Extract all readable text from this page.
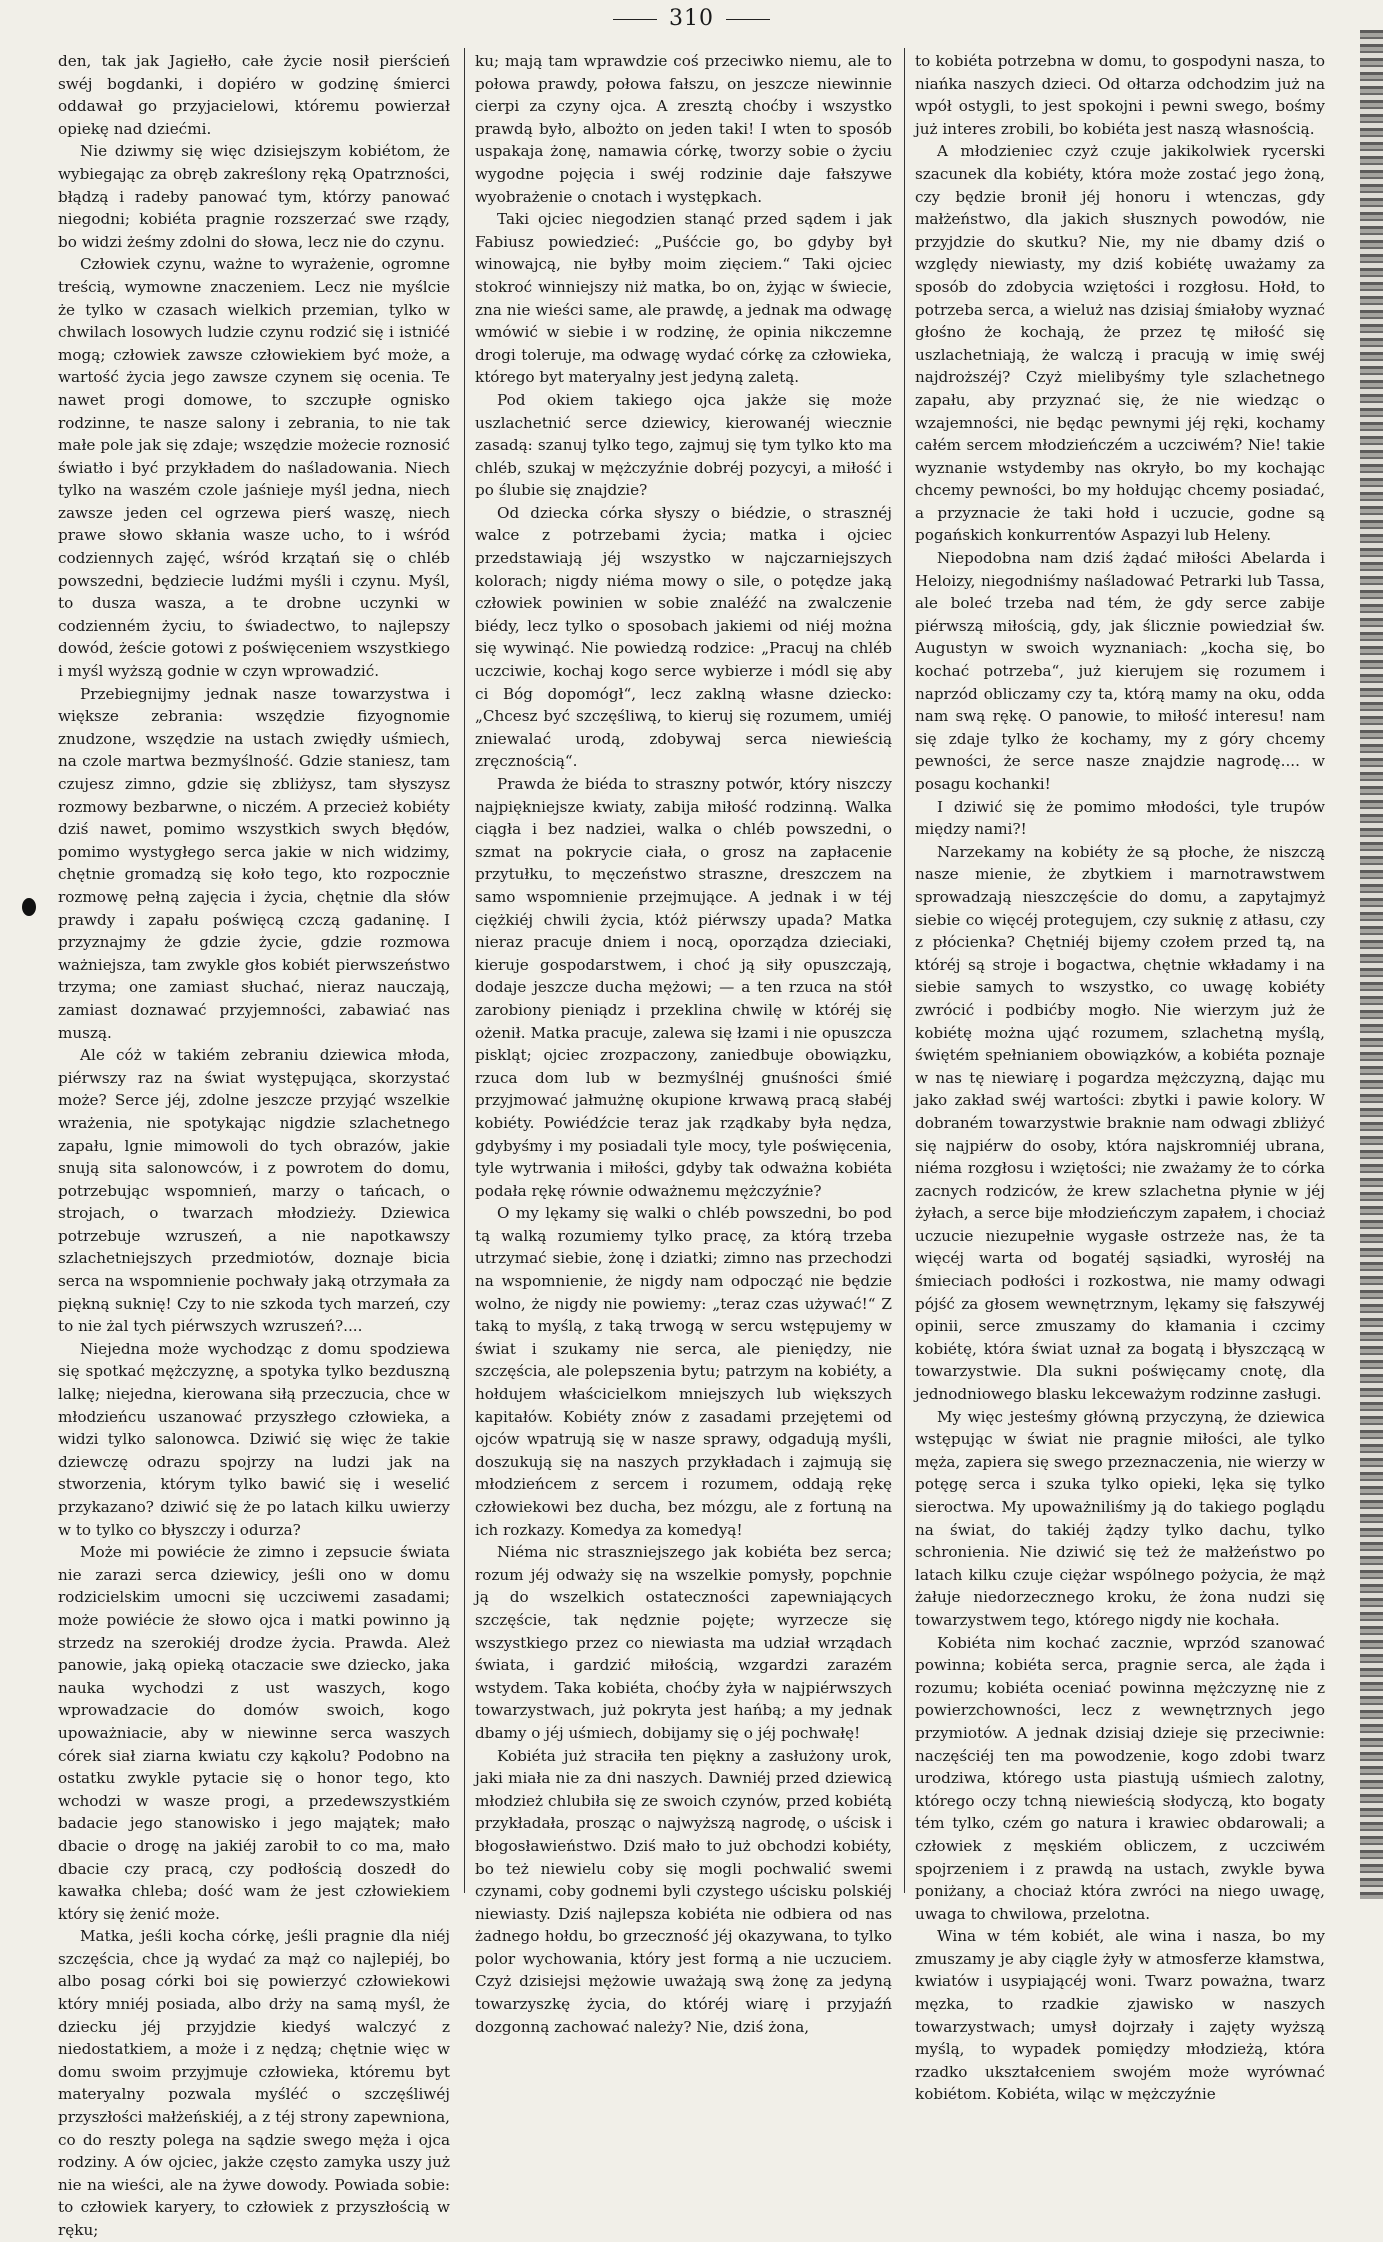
310

den, tak jak Jagiełło, całe życie nosił pierścień swéj bogdanki, i dopiéro w godzinę śmierci oddawał go przyjacielowi, któremu powierzał opiekę nad dziećmi.

Nie dziwmy się więc dzisiejszym kobiétom, że wybiegając za obręb zakreślony ręką Opatrzności, błądzą i radeby panować tym, którzy panować niegodni; kobiéta pragnie rozszerzać swe rządy, bo widzi żeśmy zdolni do słowa, lecz nie do czynu.

Człowiek czynu, ważne to wyrażenie, ogromne treścią, wymowne znaczeniem. Lecz nie myślcie że tylko w czasach wielkich przemian, tylko w chwilach losowych ludzie czynu rodzić się i istnićé mogą; człowiek zawsze człowiekiem być może, a wartość życia jego zawsze czynem się ocenia. Te nawet progi domowe, to szczupłe ognisko rodzinne, te nasze salony i zebrania, to nie tak małe pole jak się zdaje; wszędzie możecie roznosić światło i być przykładem do naśladowania. Niech tylko na waszém czole jaśnieje myśl jedna, niech zawsze jeden cel ogrzewa pierś waszę, niech prawe słowo skłania wasze ucho, to i wśród codziennych zajęć, wśród krzątań się o chléb powszedni, będziecie ludźmi myśli i czynu. Myśl, to dusza wasza, a te drobne uczynki w codzienném życiu, to świadectwo, to najlepszy dowód, żeście gotowi z poświęceniem wszystkiego i myśl wyższą godnie w czyn wprowadzić.

Przebiegnijmy jednak nasze towarzystwa i większe zebrania: wszędzie fizyognomie znudzone, wszędzie na ustach zwiędły uśmiech, na czole martwa bezmyślność. Gdzie staniesz, tam czujesz zimno, gdzie się zbliżysz, tam słyszysz rozmowy bezbarwne, o niczém. A przecież kobiéty dziś nawet, pomimo wszystkich swych błędów, pomimo wystygłego serca jakie w nich widzimy, chętnie gromadzą się koło tego, kto rozpocznie rozmowę pełną zajęcia i życia, chętnie dla słów prawdy i zapału poświęcą czczą gadaninę. I przyznajmy że gdzie życie, gdzie rozmowa ważniejsza, tam zwykle głos kobiét pierwszeństwo trzyma; one zamiast słuchać, nieraz nauczają, zamiast doznawać przyjemności, zabawiać nas muszą.

Ale cóż w takiém zebraniu dziewica młoda, piérwszy raz na świat występująca, skorzystać może? Serce jéj, zdolne jeszcze przyjąć wszelkie wrażenia, nie spotykając nigdzie szlachetnego zapału, lgnie mimowoli do tych obrazów, jakie snują sita salonowców, i z powrotem do domu, potrzebując wspomnień, marzy o tańcach, o strojach, o twarzach młodzieży. Dziewica potrzebuje wzruszeń, a nie napotkawszy szlachetniejszych przedmiotów, doznaje bicia serca na wspomnienie pochwały jaką otrzymała za piękną suknię! Czy to nie szkoda tych marzeń, czy to nie żal tych piérwszych wzruszeń?....

Niejedna może wychodząc z domu spodziewa się spotkać mężczyznę, a spotyka tylko bezduszną lalkę; niejedna, kierowana siłą przeczucia, chce w młodzieńcu uszanować przyszłego człowieka, a widzi tylko salonowca. Dziwić się więc że takie dziewczę odrazu spojrzy na ludzi jak na stworzenia, którym tylko bawić się i weselić przykazano? dziwić się że po latach kilku uwierzy w to tylko co błyszczy i odurza?

Może mi powiécie że zimno i zepsucie świata nie zarazi serca dziewicy, jeśli ono w domu rodzicielskim umocni się uczciwemi zasadami; może powiécie że słowo ojca i matki powinno ją strzedz na szerokiéj drodze życia. Prawda. Ależ panowie, jaką opieką otaczacie swe dziecko, jaka nauka wychodzi z ust waszych, kogo wprowadzacie do domów swoich, kogo upoważniacie, aby w niewinne serca waszych córek siał ziarna kwiatu czy kąkolu? Podobno na ostatku zwykle pytacie się o honor tego, kto wchodzi w wasze progi, a przedewszystkiém badacie jego stanowisko i jego majątek; mało dbacie o drogę na jakiéj zarobił to co ma, mało dbacie czy pracą, czy podłością doszedł do kawałka chleba; dość wam że jest człowiekiem który się żenić może.

Matka, jeśli kocha córkę, jeśli pragnie dla niéj szczęścia, chce ją wydać za mąż co najlepiéj, bo albo posag córki boi się powierzyć człowiekowi który mniéj posiada, albo drży na samą myśl, że dziecku jéj przyjdzie kiedyś walczyć z niedostatkiem, a może i z nędzą; chętnie więc w domu swoim przyjmuje człowieka, któremu byt materyalny pozwala myśléć o szczęśliwéj przyszłości małżeńskiéj, a z téj strony zapewniona, co do reszty polega na sądzie swego męża i ojca rodziny. A ów ojciec, jakże często zamyka uszy już nie na wieści, ale na żywe dowody. Powiada sobie: to człowiek karyery, to człowiek z przyszłością w ręku;

ku; mają tam wprawdzie coś przeciwko niemu, ale to połowa prawdy, połowa fałszu, on jeszcze niewinnie cierpi za czyny ojca. A zresztą choćby i wszystko prawdą było, albożto on jeden taki! I wten to sposób uspakaja żonę, namawia córkę, tworzy sobie o życiu wygodne pojęcia i swéj rodzinie daje fałszywe wyobrażenie o cnotach i występkach.

Taki ojciec niegodzien stanąć przed sądem i jak Fabiusz powiedzieć: „Puśćcie go, bo gdyby był winowajcą, nie byłby moim zięciem.“ Taki ojciec stokroć winniejszy niż matka, bo on, żyjąc w świecie, zna nie wieści same, ale prawdę, a jednak ma odwagę wmówić w siebie i w rodzinę, że opinia nikczemne drogi toleruje, ma odwagę wydać córkę za człowieka, którego byt materyalny jest jedyną zaletą.

Pod okiem takiego ojca jakże się może uszlachetnić serce dziewicy, kierowanéj wiecznie zasadą: szanuj tylko tego, zajmuj się tym tylko kto ma chléb, szukaj w mężczyźnie dobréj pozycyi, a miłość i po ślubie się znajdzie?

Od dziecka córka słyszy o biédzie, o strasznéj walce z potrzebami życia; matka i ojciec przedstawiają jéj wszystko w najczarniejszych kolorach; nigdy niéma mowy o sile, o potędze jaką człowiek powinien w sobie znaléźć na zwalczenie biédy, lecz tylko o sposobach jakiemi od niéj można się wywinąć. Nie powiedzą rodzice: „Pracuj na chléb uczciwie, kochaj kogo serce wybierze i módl się aby ci Bóg dopomógł“, lecz zaklną własne dziecko: „Chcesz być szczęśliwą, to kieruj się rozumem, umiéj zniewalać urodą, zdobywaj serca niewieścią zręcznością“.

Prawda że biéda to straszny potwór, który niszczy najpiękniejsze kwiaty, zabija miłość rodzinną. Walka ciągła i bez nadziei, walka o chléb powszedni, o szmat na pokrycie ciała, o grosz na zapłacenie przytułku, to męczeństwo straszne, dreszczem na samo wspomnienie przejmujące. A jednak i w téj ciężkiéj chwili życia, któż piérwszy upada? Matka nieraz pracuje dniem i nocą, oporządza dzieciaki, kieruje gospodarstwem, i choć ją siły opuszczają, dodaje jeszcze ducha mężowi; — a ten rzuca na stół zarobiony pieniądz i przeklina chwilę w któréj się ożenił. Matka pracuje, zalewa się łzami i nie opuszcza piskląt; ojciec zrozpaczony, zaniedbuje obowiązku, rzuca dom lub w bezmyślnéj gnuśności śmié przyjmować jałmużnę okupione krwawą pracą słabéj kobiéty. Powiédźcie teraz jak rządkaby była nędza, gdybyśmy i my posiadali tyle mocy, tyle poświęcenia, tyle wytrwania i miłości, gdyby tak odważna kobiéta podała rękę równie odważnemu mężczyźnie?

O my lękamy się walki o chléb powszedni, bo pod tą walką rozumiemy tylko pracę, za którą trzeba utrzymać siebie, żonę i dziatki; zimno nas przechodzi na wspomnienie, że nigdy nam odpocząć nie będzie wolno, że nigdy nie powiemy: „teraz czas używać!“ Z taką to myślą, z taką trwogą w sercu wstępujemy w świat i szukamy nie serca, ale pieniędzy, nie szczęścia, ale polepszenia bytu; patrzym na kobiéty, a hołdujem właścicielkom mniejszych lub większych kapitałów. Kobiéty znów z zasadami przejętemi od ojców wpatrują się w nasze sprawy, odgadują myśli, doszukują się na naszych przykładach i zajmują się młodzieńcem z sercem i rozumem, oddają rękę człowiekowi bez ducha, bez mózgu, ale z fortuną na ich rozkazy. Komedya za komedyą!

Niéma nic straszniejszego jak kobiéta bez serca; rozum jéj odważy się na wszelkie pomysły, popchnie ją do wszelkich ostateczności zapewniających szczęście, tak nędznie pojęte; wyrzecze się wszystkiego przez co niewiasta ma udział wrządach świata, i gardzić miłością, wzgardzi zarazém wstydem. Taka kobiéta, choćby żyła w najpiérwszych towarzystwach, już pokryta jest hańbą; a my jednak dbamy o jéj uśmiech, dobijamy się o jéj pochwałę!

Kobiéta już straciła ten piękny a zasłużony urok, jaki miała nie za dni naszych. Dawniéj przed dziewicą młodzież chlubiła się ze swoich czynów, przed kobiétą przykładała, prosząc o najwyższą nagrodę, o uścisk i błogosławieństwo. Dziś mało to już obchodzi kobiéty, bo też niewielu coby się mogli pochwalić swemi czynami, coby godnemi byli czystego uścisku polskiéj niewiasty. Dziś najlepsza kobiéta nie odbiera od nas żadnego hołdu, bo grzeczność jéj okazywana, to tylko polor wychowania, który jest formą a nie uczuciem. Czyż dzisiejsi mężowie uważają swą żonę za jedyną towarzyszkę życia, do któréj wiarę i przyjaźń dozgonną zachować należy? Nie, dziś żona,

to kobiéta potrzebna w domu, to gospodyni nasza, to niańka naszych dzieci. Od ołtarza odchodzim już na wpół ostygli, to jest spokojni i pewni swego, bośmy już interes zrobili, bo kobiéta jest naszą własnością.

A młodzieniec czyż czuje jakikolwiek rycerski szacunek dla kobiéty, która może zostać jego żoną, czy będzie bronił jéj honoru i wtenczas, gdy małżeństwo, dla jakich słusznych powodów, nie przyjdzie do skutku? Nie, my nie dbamy dziś o względy niewiasty, my dziś kobiétę uważamy za sposób do zdobycia wziętości i rozgłosu. Hołd, to potrzeba serca, a wieluż nas dzisiaj śmiałoby wyznać głośno że kochają, że przez tę miłość się uszlachetniają, że walczą i pracują w imię swéj najdroższéj? Czyż mielibyśmy tyle szlachetnego zapału, aby przyznać się, że nie wiedząc o wzajemności, nie będąc pewnymi jéj ręki, kochamy całém sercem młodzieńczém a uczciwém? Nie! takie wyznanie wstydemby nas okryło, bo my kochając chcemy pewności, bo my hołdując chcemy posiadać, a przyznacie że taki hołd i uczucie, godne są pogańskich konkurrentów Aspazyi lub Heleny.

Niepodobna nam dziś żądać miłości Abelarda i Heloizy, niegodniśmy naśladować Petrarki lub Tassa, ale boleć trzeba nad tém, że gdy serce zabije piérwszą miłością, gdy, jak ślicznie powiedział św. Augustyn w swoich wyznaniach: „kocha się, bo kochać potrzeba“, już kierujem się rozumem i naprzód obliczamy czy ta, którą mamy na oku, odda nam swą rękę. O panowie, to miłość interesu! nam się zdaje tylko że kochamy, my z góry chcemy pewności, że serce nasze znajdzie nagrodę.... w posagu kochanki!

I dziwić się że pomimo młodości, tyle trupów między nami?!

Narzekamy na kobiéty że są płoche, że niszczą nasze mienie, że zbytkiem i marnotrawstwem sprowadzają nieszczęście do domu, a zapytajmyż siebie co więcéj protegujem, czy suknię z atłasu, czy z płócienka? Chętniéj bijemy czołem przed tą, na któréj są stroje i bogactwa, chętnie wkładamy i na siebie samych to wszystko, co uwagę kobiéty zwrócić i podbićby mogło. Nie wierzym już że kobiétę można ująć rozumem, szlachetną myślą, świętém spełnianiem obowiązków, a kobiéta poznaje w nas tę niewiarę i pogardza mężczyzną, dając mu jako zakład swéj wartości: zbytki i pawie kolory. W dobraném towarzystwie braknie nam odwagi zbliżyć się najpiérw do osoby, która najskromniéj ubrana, niéma rozgłosu i wziętości; nie zważamy że to córka zacnych rodziców, że krew szlachetna płynie w jéj żyłach, a serce bije młodzieńczym zapałem, i chociaż uczucie niezupełnie wygasłe ostrzeże nas, że ta więcéj warta od bogatéj sąsiadki, wyrosłéj na śmieciach podłości i rozkostwa, nie mamy odwagi pójść za głosem wewnętrznym, lękamy się fałszywéj opinii, serce zmuszamy do kłamania i czcimy kobiétę, która świat uznał za bogatą i błyszczącą w towarzystwie. Dla sukni poświęcamy cnotę, dla jednodniowego blasku lekceważym rodzinne zasługi.

My więc jesteśmy główną przyczyną, że dziewica wstępując w świat nie pragnie miłości, ale tylko męża, zapiera się swego przeznaczenia, nie wierzy w potęgę serca i szuka tylko opieki, lęka się tylko sieroctwa. My upoważniliśmy ją do takiego poglądu na świat, do takiéj żądzy tylko dachu, tylko schronienia. Nie dziwić się też że małżeństwo po latach kilku czuje ciężar wspólnego pożycia, że mąż żałuje niedorzecznego kroku, że żona nudzi się towarzystwem tego, którego nigdy nie kochała.

Kobiéta nim kochać zacznie, wprzód szanować powinna; kobiéta serca, pragnie serca, ale żąda i rozumu; kobiéta oceniać powinna mężczyznę nie z powierzchowności, lecz z wewnętrznych jego przymiotów. A jednak dzisiaj dzieje się przeciwnie: naczęściéj ten ma powodzenie, kogo zdobi twarz urodziwa, którego usta piastują uśmiech zalotny, którego oczy tchną niewieścią słodyczą, kto bogaty tém tylko, czém go natura i krawiec obdarowali; a człowiek z męskiém obliczem, z uczciwém spojrzeniem i z prawdą na ustach, zwykle bywa poniżany, a chociaż która zwróci na niego uwagę, uwaga to chwilowa, przelotna.

Wina w tém kobiét, ale wina i nasza, bo my zmuszamy je aby ciągle żyły w atmosferze kłamstwa, kwiatów i usypiającéj woni. Twarz poważna, twarz męzka, to rzadkie zjawisko w naszych towarzystwach; umysł dojrzały i zajęty wyższą myślą, to wypadek pomiędzy młodzieżą, która rzadko ukształceniem swojém może wyrównać kobiétom. Kobiéta, wiląc w mężczyźnie
